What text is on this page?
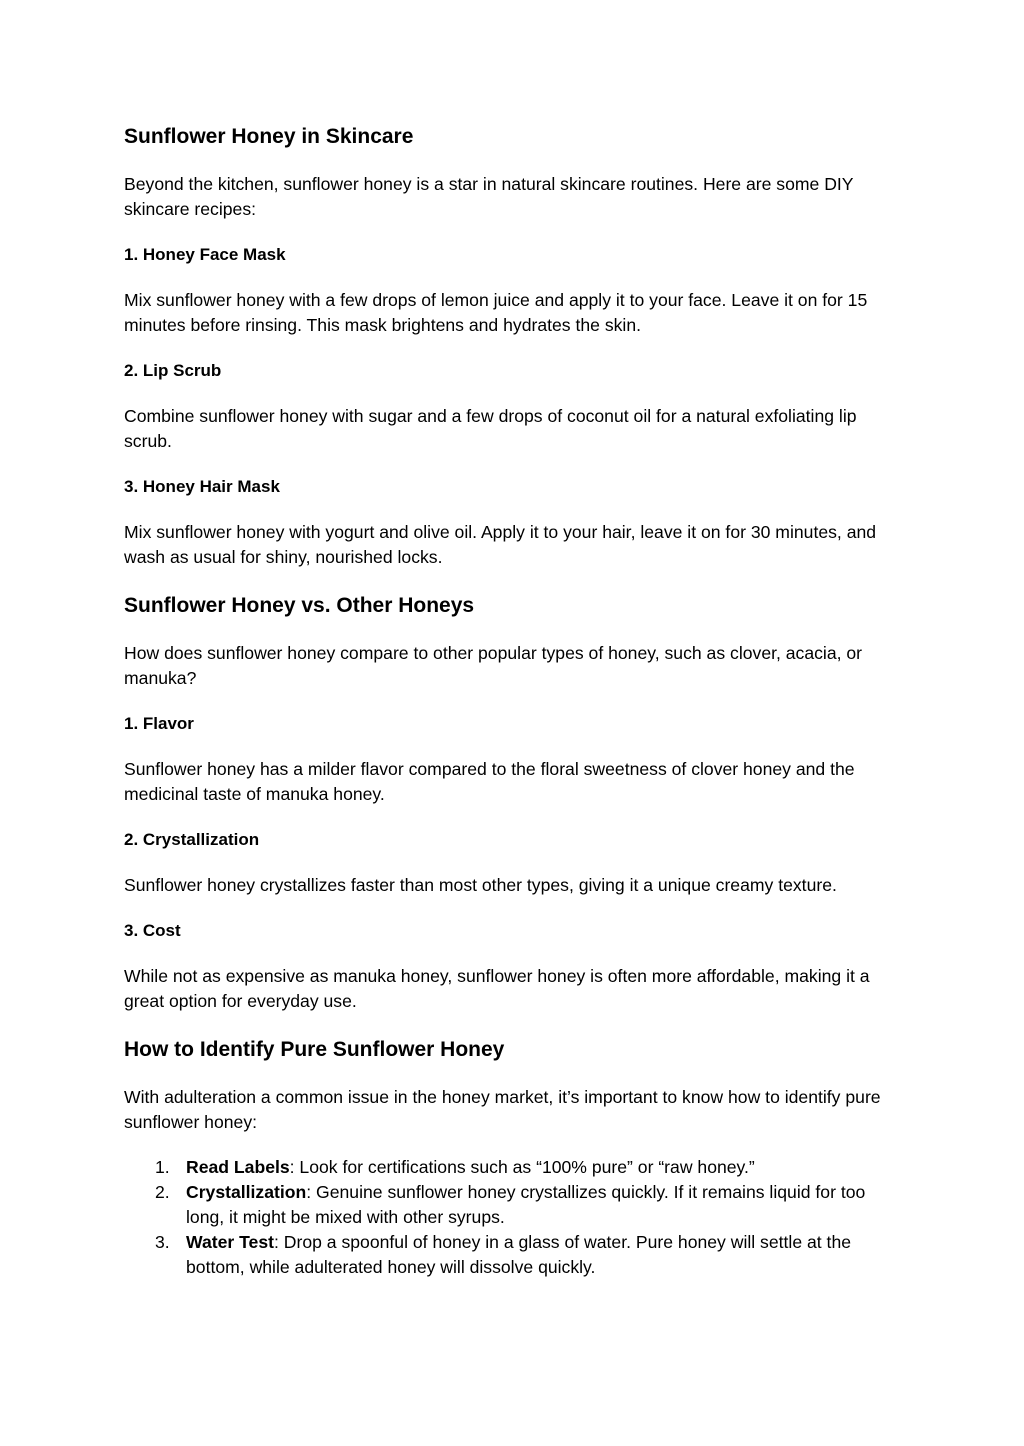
Sunflower Honey in Skincare

Beyond the kitchen, sunflower honey is a star in natural skincare routines. Here are some DIY skincare recipes:

1. Honey Face Mask

Mix sunflower honey with a few drops of lemon juice and apply it to your face. Leave it on for 15 minutes before rinsing. This mask brightens and hydrates the skin.

2. Lip Scrub

Combine sunflower honey with sugar and a few drops of coconut oil for a natural exfoliating lip scrub.

3. Honey Hair Mask

Mix sunflower honey with yogurt and olive oil. Apply it to your hair, leave it on for 30 minutes, and wash as usual for shiny, nourished locks.

Sunflower Honey vs. Other Honeys

How does sunflower honey compare to other popular types of honey, such as clover, acacia, or manuka?

1. Flavor

Sunflower honey has a milder flavor compared to the floral sweetness of clover honey and the medicinal taste of manuka honey.

2. Crystallization

Sunflower honey crystallizes faster than most other types, giving it a unique creamy texture.

3. Cost

While not as expensive as manuka honey, sunflower honey is often more affordable, making it a great option for everyday use.

How to Identify Pure Sunflower Honey

With adulteration a common issue in the honey market, it’s important to know how to identify pure sunflower honey:

1. Read Labels: Look for certifications such as “100% pure” or “raw honey.”
2. Crystallization: Genuine sunflower honey crystallizes quickly. If it remains liquid for too long, it might be mixed with other syrups.
3. Water Test: Drop a spoonful of honey in a glass of water. Pure honey will settle at the bottom, while adulterated honey will dissolve quickly.
